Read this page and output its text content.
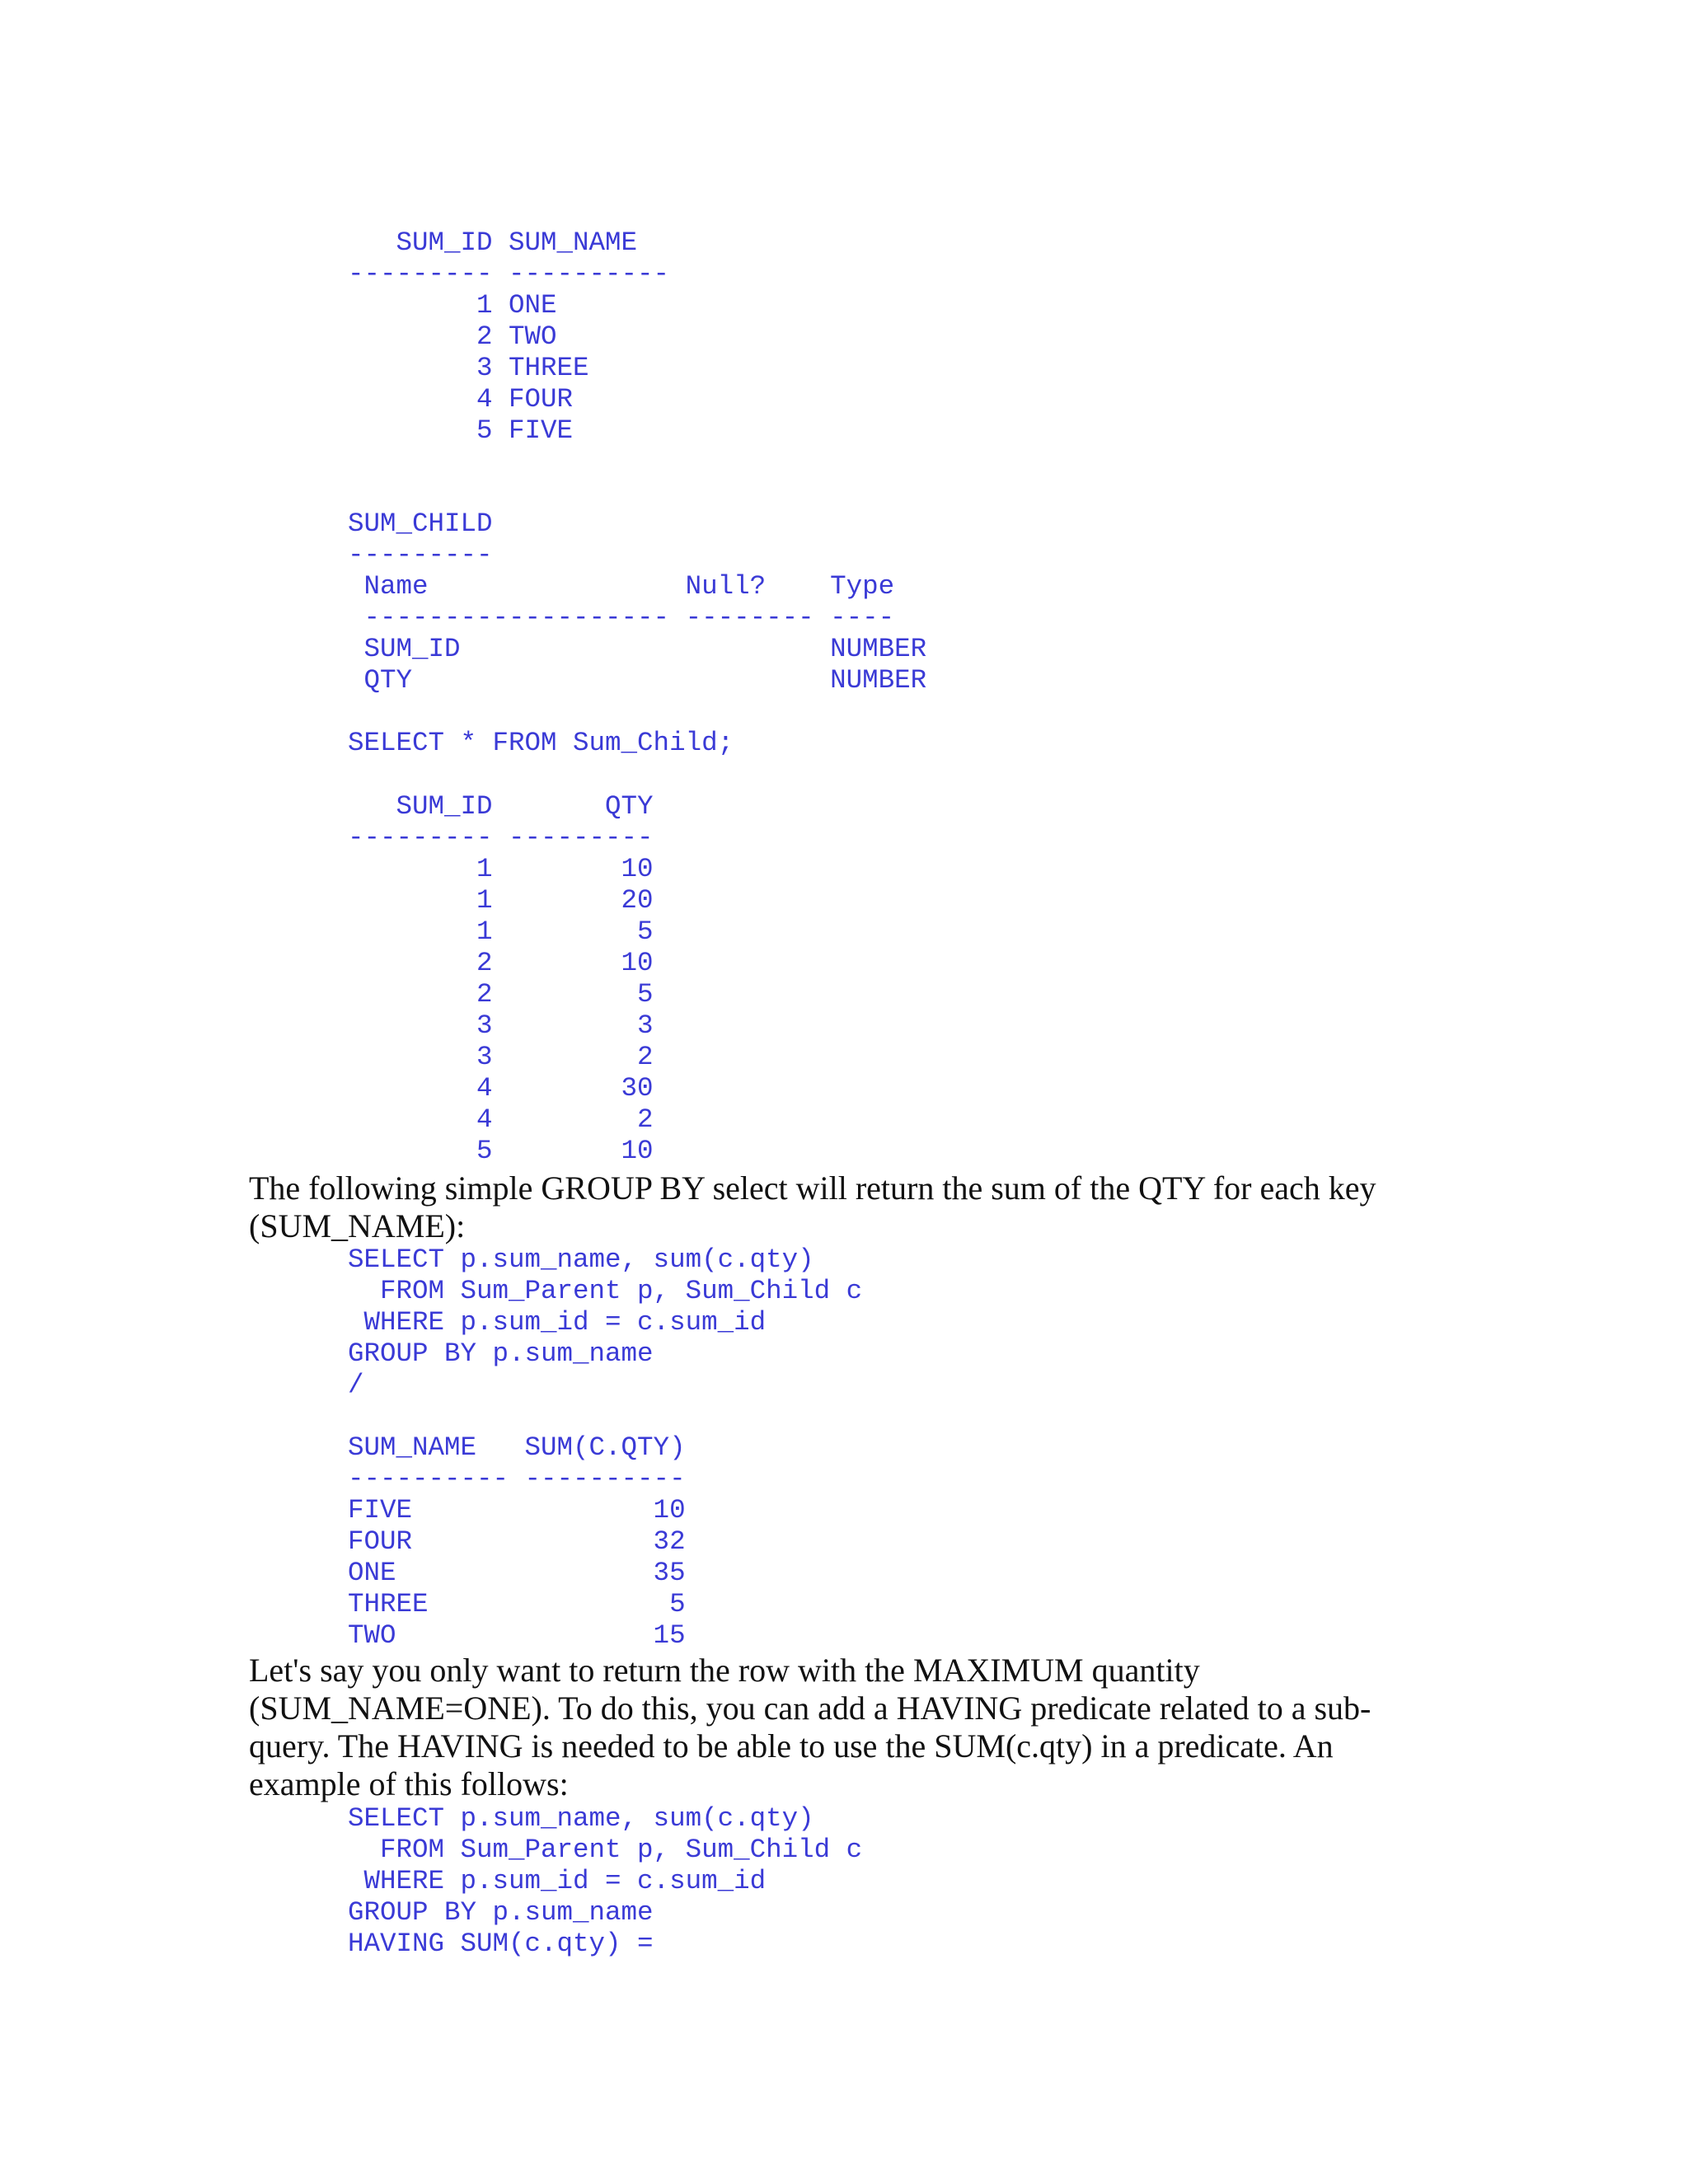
SUM_ID SUM_NAME
--------- ----------
1 ONE
2 TWO
3 THREE
4 FOUR
5 FIVE
SUM_CHILD
---------
Name                Null?    Type
------------------- -------- ----
SUM_ID                       NUMBER
QTY                          NUMBER
SELECT * FROM Sum_Child;
SUM_ID       QTY
--------- ---------
1        10
1        20
1         5
2        10
2         5
3         3
3         2
4        30
4         2
5        10

The following simple GROUP BY select will return the sum of the QTY for each key (SUM_NAME):

SELECT p.sum_name, sum(c.qty)
FROM Sum_Parent p, Sum_Child c
WHERE p.sum_id = c.sum_id
GROUP BY p.sum_name
/
SUM_NAME   SUM(C.QTY)
---------- ----------
FIVE               10
FOUR               32
ONE                35
THREE               5
TWO                15

Let's say you only want to return the row with the MAXIMUM quantity (SUM_NAME=ONE). To do this, you can add a HAVING predicate related to a sub-query. The HAVING is needed to be able to use the SUM(c.qty) in a predicate. An example of this follows:

SELECT p.sum_name, sum(c.qty)
FROM Sum_Parent p, Sum_Child c
WHERE p.sum_id = c.sum_id
GROUP BY p.sum_name
HAVING SUM(c.qty) =
